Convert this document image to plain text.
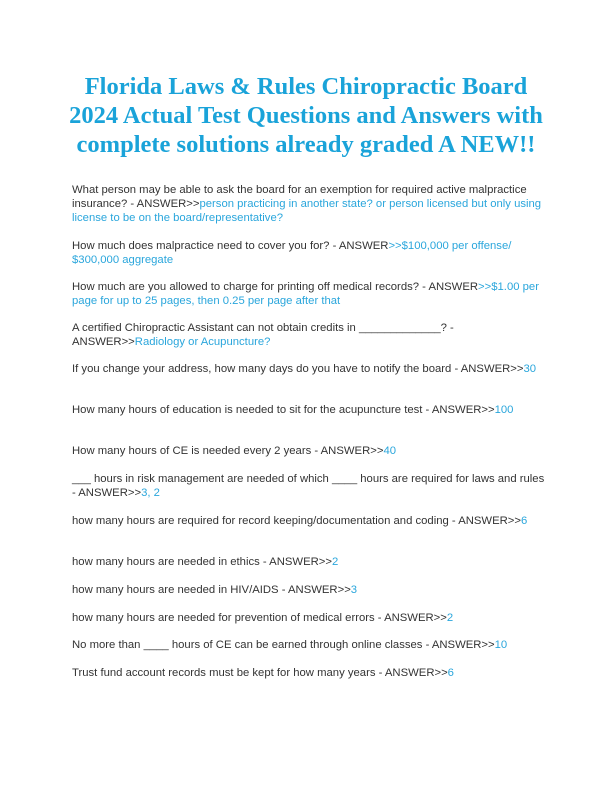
Florida Laws & Rules Chiropractic Board
2024 Actual Test Questions and Answers with
complete solutions already graded A NEW!!

What person may be able to ask the board for an exemption for required active malpractice insurance? - ANSWER>>person practicing in another state? or person licensed but only using license to be on the board/representative?

How much does malpractice need to cover you for? - ANSWER>>$100,000 per offense/ $300,000 aggregate

How much are you allowed to charge for printing off medical records? - ANSWER>>$1.00 per page for up to 25 pages, then 0.25 per page after that

A certified Chiropractic Assistant can not obtain credits in _____________? - ANSWER>>Radiology or Acupuncture?

If you change your address, how many days do you have to notify the board - ANSWER>>30

How many hours of education is needed to sit for the acupuncture test - ANSWER>>100

How many hours of CE is needed every 2 years - ANSWER>>40

___ hours in risk management are needed of which ____ hours are required for laws and rules - ANSWER>>3, 2

how many hours are required for record keeping/documentation and coding - ANSWER>>6

how many hours are needed in ethics - ANSWER>>2

how many hours are needed in HIV/AIDS - ANSWER>>3

how many hours are needed for prevention of medical errors - ANSWER>>2

No more than ____ hours of CE can be earned through online classes - ANSWER>>10

Trust fund account records must be kept for how many years - ANSWER>>6
